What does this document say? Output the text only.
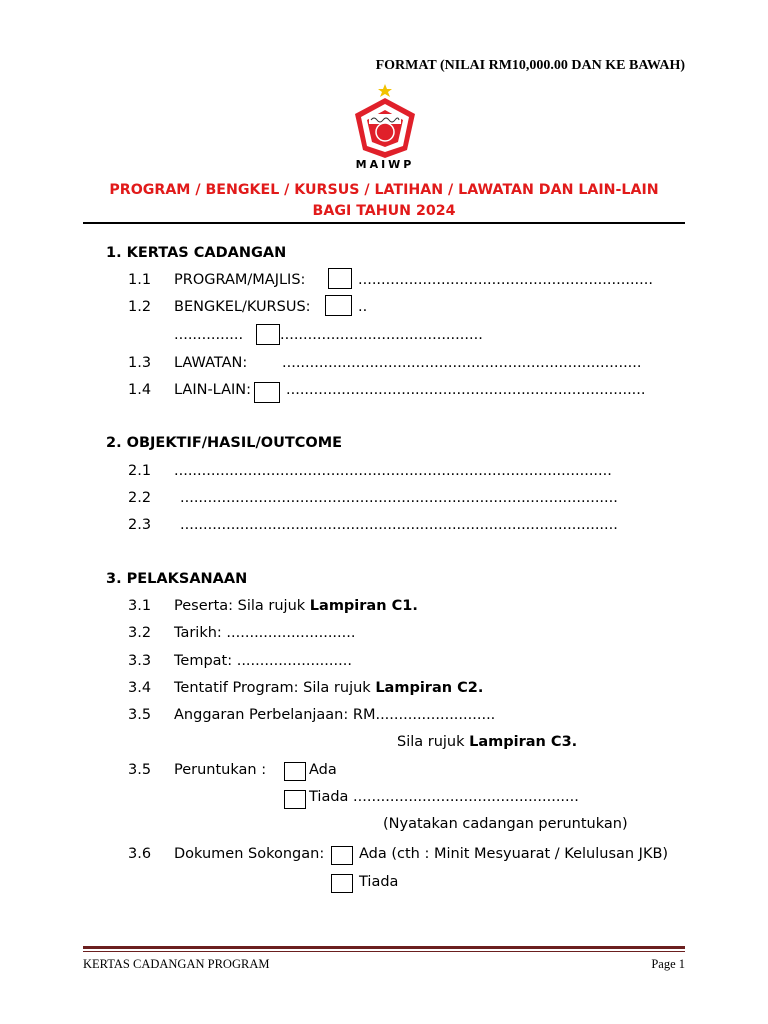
FORMAT (NILAI RM10,000.00 DAN KE BAWAH)
MAIWP
PROGRAM / BENGKEL / KURSUS / LATIHAN / LAWATAN DAN LAIN-LAIN
BAGI TAHUN 2024
1. KERTAS CADANGAN
1.1 PROGRAM/MAJLIS:	................................................................
1.2 BENGKEL/KURSUS:	..
...............	............................................
1.3 LAWATAN: ..............................................................................
1.4 LAIN-LAIN: ..............................................................................
2. OBJEKTIF/HASIL/OUTCOME
2.1 ...............................................................................................
2.2 ...............................................................................................
2.3 ...............................................................................................
3. PELAKSANAAN
3.1 Peserta: Sila rujuk Lampiran C1.
3.2 Tarikh: ............................
3.3 Tempat: .........................
3.4 Tentatif Program: Sila rujuk Lampiran C2.
3.5 Anggaran Perbelanjaan: RM..........................
Sila rujuk Lampiran C3.
3.5 Peruntukan :	Ada
Tiada .................................................
(Nyatakan cadangan peruntukan)
3.6 Dokumen Sokongan: Ada (cth : Minit Mesyuarat / Kelulusan JKB)
Tiada
KERTAS CADANGAN PROGRAM	Page 1
